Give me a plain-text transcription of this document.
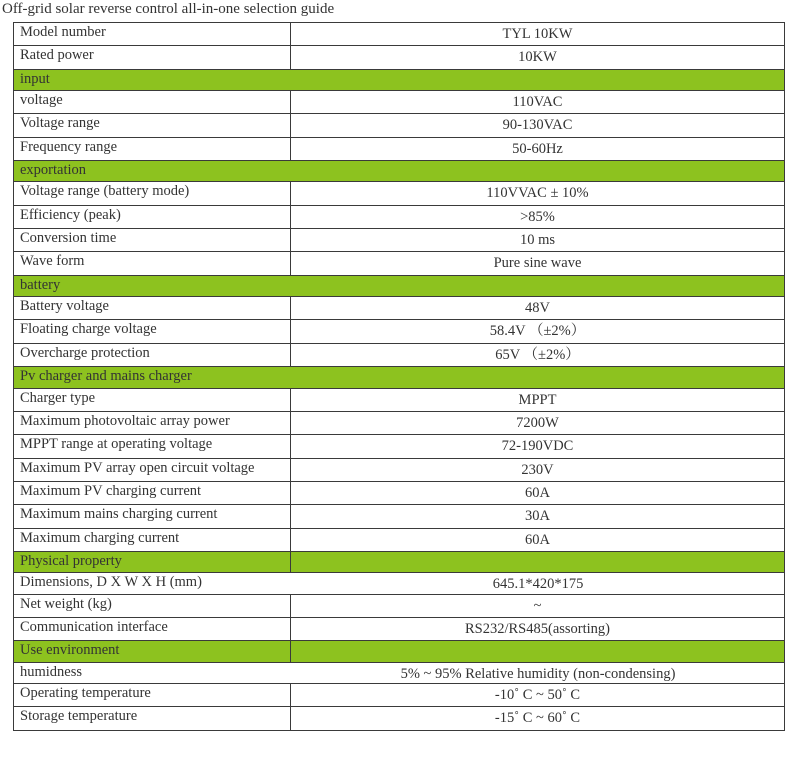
Off-grid solar reverse control all-in-one selection guide
Model number	TYL 10KW
Rated power	10KW
input	
voltage	110VAC
Voltage range	90-130VAC
Frequency range	50-60Hz
exportation	
Voltage range (battery mode)	110VVAC ± 10%
Efficiency (peak)	>85%
Conversion time	10 ms
Wave form	Pure sine wave
battery	
Battery voltage	48V
Floating charge voltage	58.4V （±2%）
Overcharge protection	65V （±2%）
Pv charger and mains charger	
Charger type	MPPT
Maximum photovoltaic array power	7200W
MPPT range at operating voltage	72-190VDC
Maximum PV array open circuit voltage	230V
Maximum PV charging current	60A
Maximum mains charging current	30A
Maximum charging current	60A
Physical property	
Dimensions, D X W X H (mm) 645.1*420*175	

Net weight (kg)	~
Communication interface	RS232/RS485(assorting)
Use environment	
humidness 5% ~ 95% Relative humidity (non-condensing)	

Operating temperature	-10˚ C ~ 50˚ C
Storage temperature	-15˚ C ~ 60˚ C
